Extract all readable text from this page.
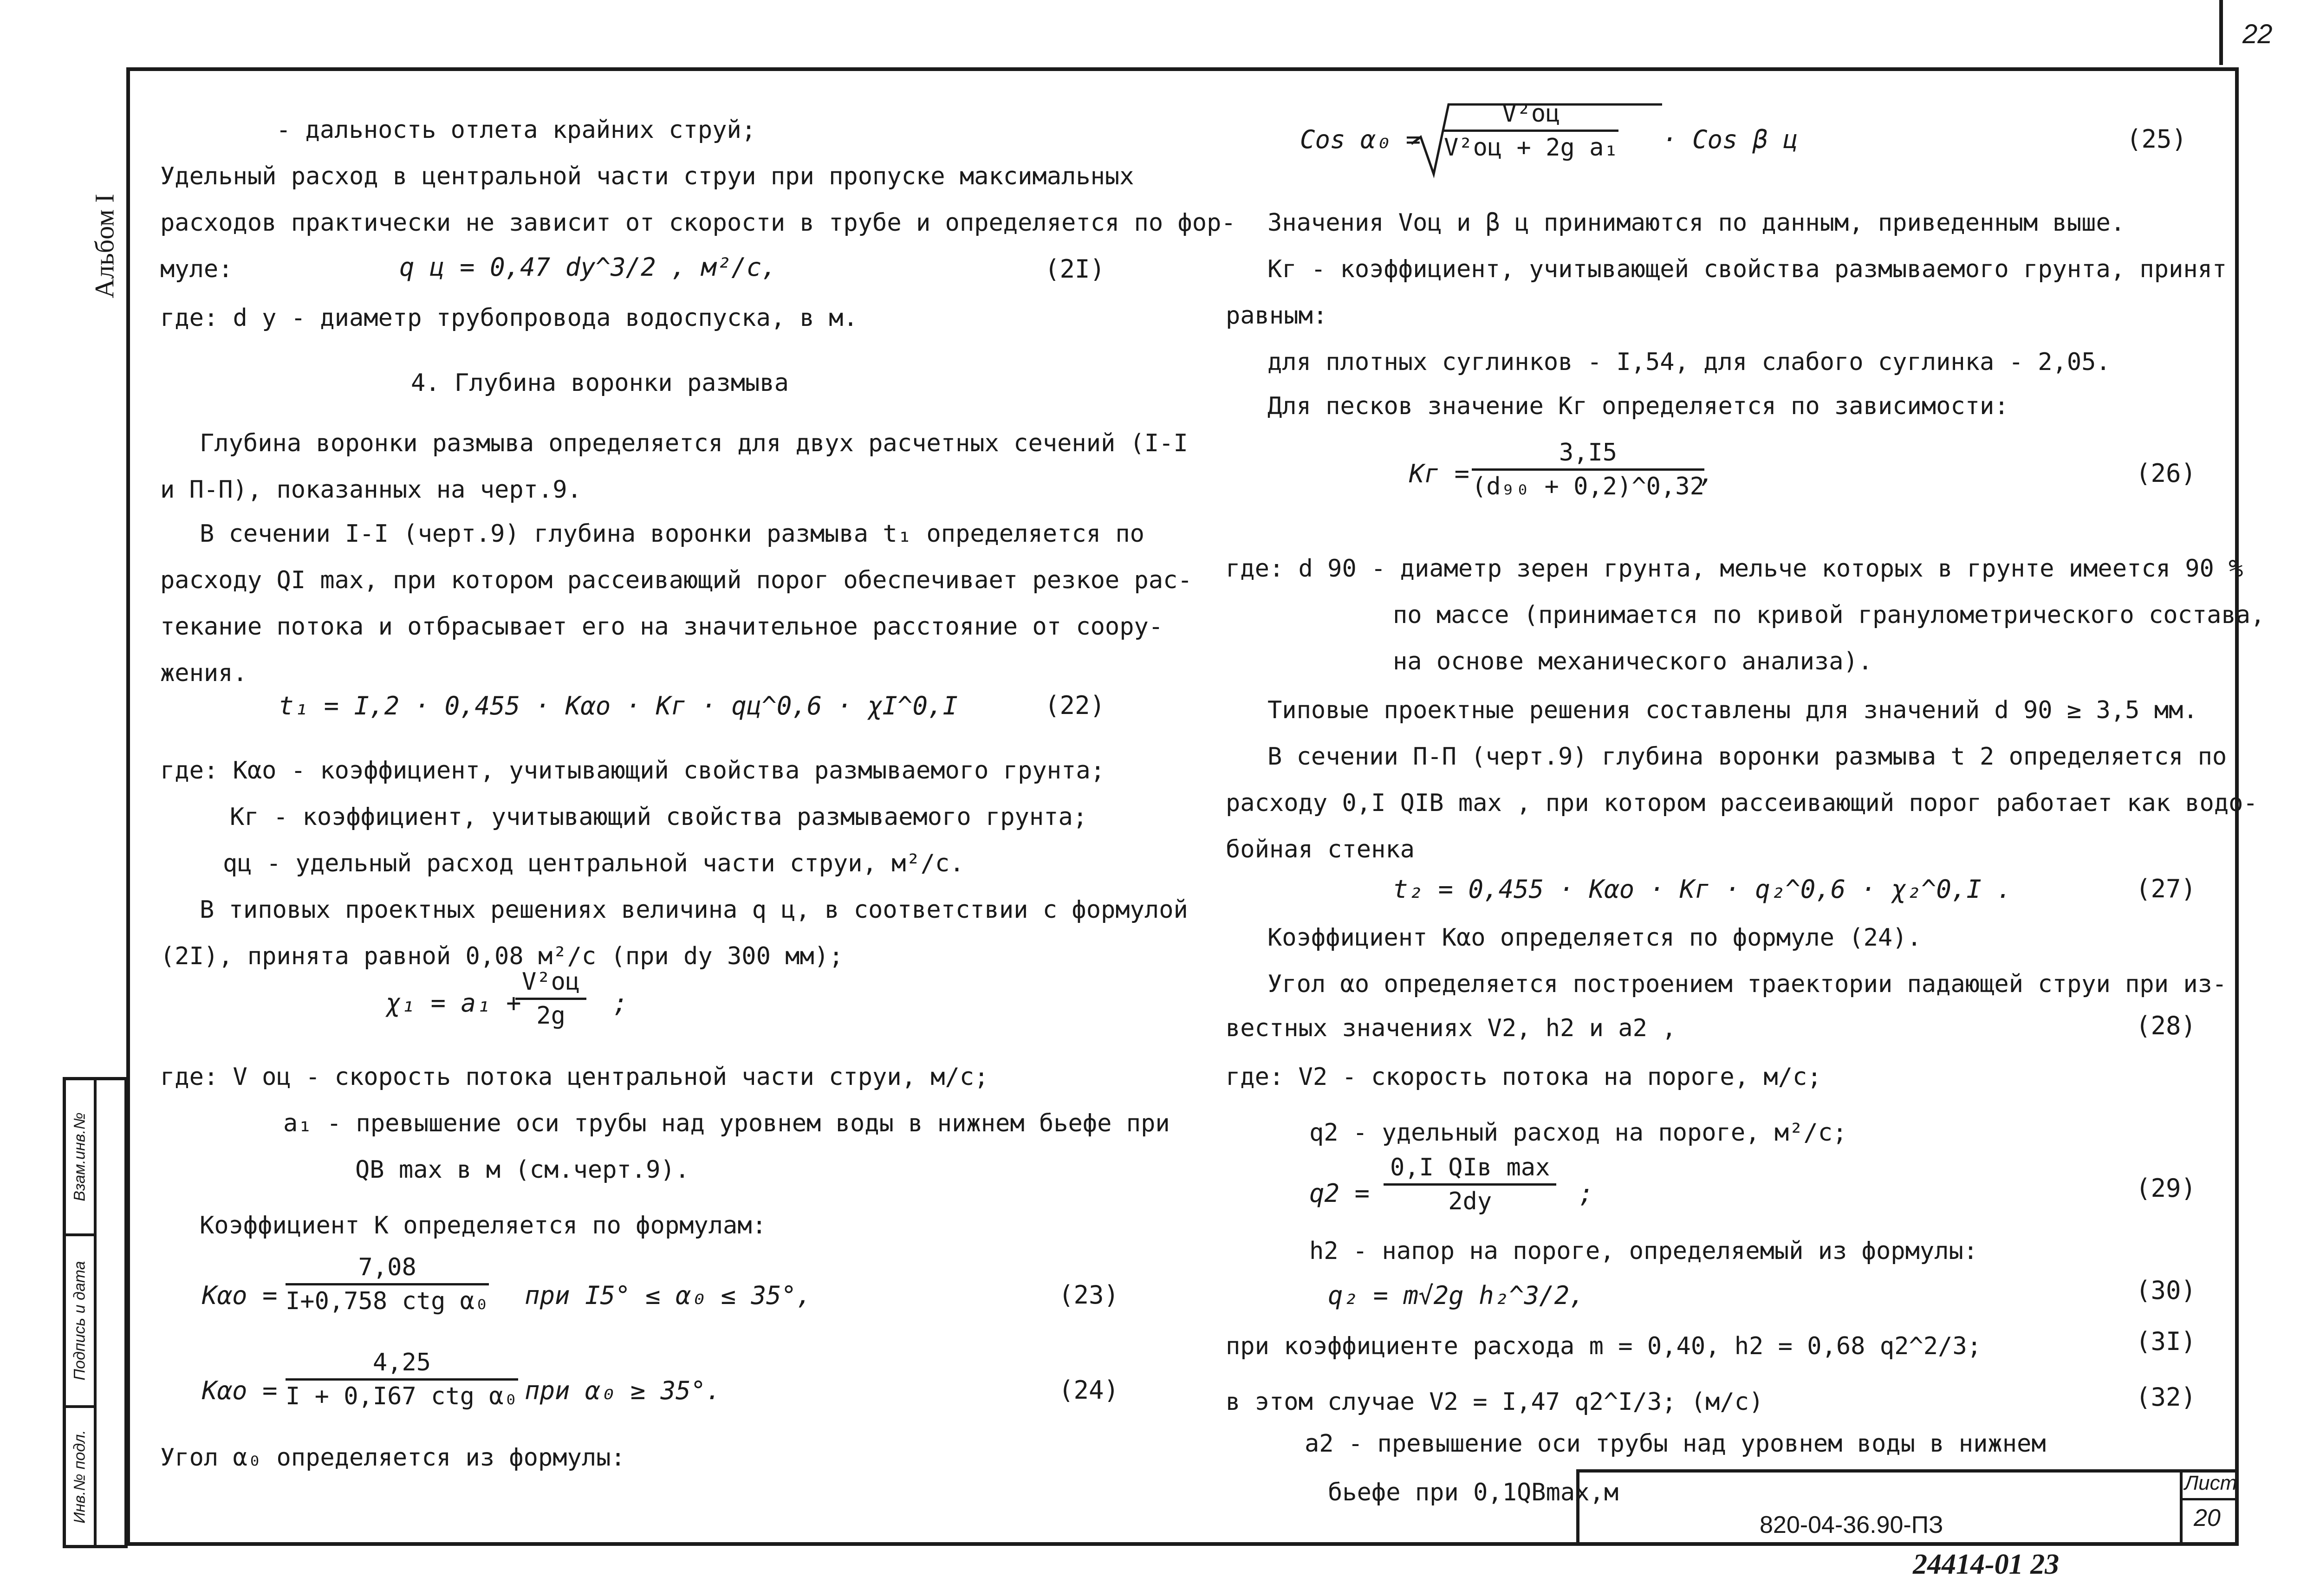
22
Альбом I
Взам.инв.№
Подпись и дата
Инв.№ подл.
- дальность отлета крайних струй;
Удельный расход в центральной части струи при пропуске максимальных
расходов практически не зависит от скорости в трубе и определяется по фор-
муле:	q ц = 0,47 dу^3/2 , м²/с,	(2I)
где: d у - диаметр трубопровода водоспуска, в м.
4. Глубина воронки размыва
Глубина воронки размыва определяется для двух расчетных сечений (I-I
и П-П), показанных на черт.9.
В сечении I-I (черт.9) глубина воронки размыва t₁ определяется по
расходу QI max, при котором рассеивающий порог обеспечивает резкое рас-
текание потока и отбрасывает его на значительное расстояние от соору-
жения.
t₁ = I,2 · 0,455 · Kαo · Кг · qц^0,6 · χI^0,I	(22)
где: Kαo - коэффициент, учитывающий свойства размываемого грунта;
Кг - коэффициент, учитывающий свойства размываемого грунта;
qц - удельный расход центральной части струи, м²/с.
В типовых проектных решениях величина q ц, в соответствии с формулой
(2I), принята равной 0,08 м²/с (при dу 300 мм);
χ₁ = a₁ +
V²оц
2g	;
где: V оц - скорость потока центральной части струи, м/с;
a₁ - превышение оси трубы над уровнем воды в нижнем бьефе при
QB max в м (см.черт.9).
Коэффициент K определяется по формулам:
Kαo =
7,08
I+0,758 ctg α₀ при I5° ≤ α₀ ≤ 35°,	(23)
Kαo =
4,25
I + 0,I67 ctg α₀ при α₀ ≥ 35°.	(24)
Угол α₀ определяется из формулы:
Cos α₀ =
V²оц
V²оц + 2g a₁ · Cos β ц	(25)
Значения Vоц и β ц принимаются по данным, приведенным выше.
Кг - коэффициент, учитывающей свойства размываемого грунта, принят
равным:
для плотных суглинков - I,54, для слабого суглинка - 2,05.
Для песков значение Кг определяется по зависимости:
Кг = $\frac{3,I5}{\text{(d₉₀ + 0,2)\textasciicircum{}0,32}}$
,	(26)
где: d 90 - диаметр зерен грунта, мельче которых в грунте имеется 90 %
по массе (принимается по кривой гранулометрического состава,
на основе механического анализа).
Типовые проектные решения составлены для значений d 90 ≥ 3,5 мм.
В сечении П-П (черт.9) глубина воронки размыва t 2 определяется по
расходу 0,I QIB max , при котором рассеивающий порог работает как водо-
бойная стенка
t₂ = 0,455 · Kαo · Кг · q₂^0,6 · χ₂^0,I .	(27)
Коэффициент Kαo определяется по формуле (24).
Угол αo определяется построением траектории падающей струи при из-
вестных значениях V2, h2 и a2 ,	(28)
где: V2 - скорость потока на пороге, м/с;
q2 - удельный расход на пороге, м²/с;
q2 =
0,I QIв max
2dу	;	(29)
h2 - напор на пороге, определяемый из формулы:
q₂ = m√2g h₂^3/2,	(30)
при коэффициенте расхода m = 0,40, h2 = 0,68 q2^2/3;	(3I)
в этом случае V2 = I,47 q2^I/3; (м/с)	(32)
a2 - превышение оси трубы над уровнем воды в нижнем
бьефе при 0,1QBmax,м	Лист
20
820-04-36.90-ПЗ
24414-01 23
